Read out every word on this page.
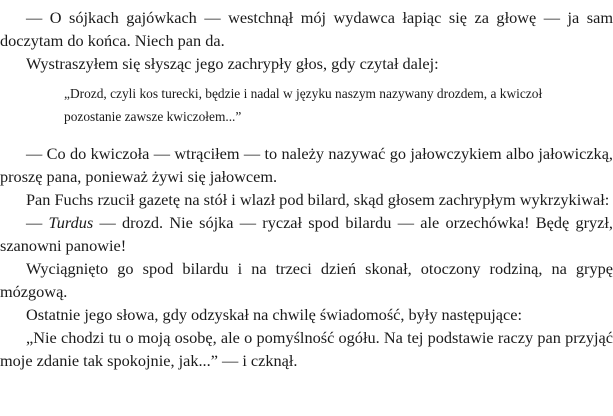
— O sójkach gajówkach — westchnął mój wydawca łapiąc się za głowę — ja sam doczytam do końca. Niech pan da.

Wystraszyłem się słysząc jego zachrypły głos, gdy czytał dalej:

„Drozd, czyli kos turecki, będzie i nadal w języku naszym nazywany drozdem, a kwiczoł pozostanie zawsze kwiczołem...”

— Co do kwiczoła — wtrąciłem — to należy nazywać go jałowczykiem albo jałowiczką, proszę pana, ponieważ żywi się jałowcem.

Pan Fuchs rzucił gazetę na stół i wlazł pod bilard, skąd głosem zachrypłym wykrzykiwał:

— Turdus — drozd. Nie sójka — ryczał spod bilardu — ale orzechówka! Będę gryzł, szanowni panowie!

Wyciągnięto go spod bilardu i na trzeci dzień skonał, otoczony rodziną, na grypę mózgową.

Ostatnie jego słowa, gdy odzyskał na chwilę świadomość, były następujące:

„Nie chodzi tu o moją osobę, ale o pomyślność ogółu. Na tej podstawie raczy pan przyjąć moje zdanie tak spokojnie, jak...” — i czknął.
